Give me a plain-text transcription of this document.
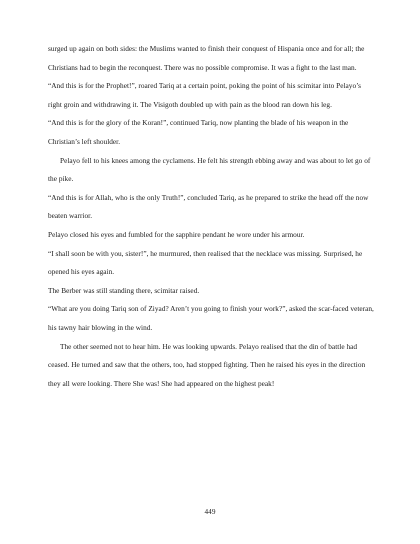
surged up again on both sides: the Muslims wanted to finish their conquest of Hispania once and for all; the Christians had to begin the reconquest. There was no possible compromise. It was a fight to the last man.

“And this is for the Prophet!”, roared Tariq at a certain point, poking the point of his scimitar into Pelayo’s right groin and withdrawing it. The Visigoth doubled up with pain as the blood ran down his leg.

“And this is for the glory of the Koran!”, continued Tariq, now planting the blade of his weapon in the Christian’s left shoulder.

Pelayo fell to his knees among the cyclamens. He felt his strength ebbing away and was about to let go of the pike.

“And this is for Allah, who is the only Truth!”, concluded Tariq, as he prepared to strike the head off the now beaten warrior.

Pelayo closed his eyes and fumbled for the sapphire pendant he wore under his armour.

“I shall soon be with you, sister!”, he murmured, then realised that the necklace was missing. Surprised, he opened his eyes again.

The Berber was still standing there, scimitar raised.

“What are you doing Tariq son of Ziyad? Aren’t you going to finish your work?”, asked the scar-faced veteran, his tawny hair blowing in the wind.

The other seemed not to hear him. He was looking upwards. Pelayo realised that the din of battle had ceased. He turned and saw that the others, too, had stopped fighting. Then he raised his eyes in the direction they all were looking. There She was! She had appeared on the highest peak!

449
